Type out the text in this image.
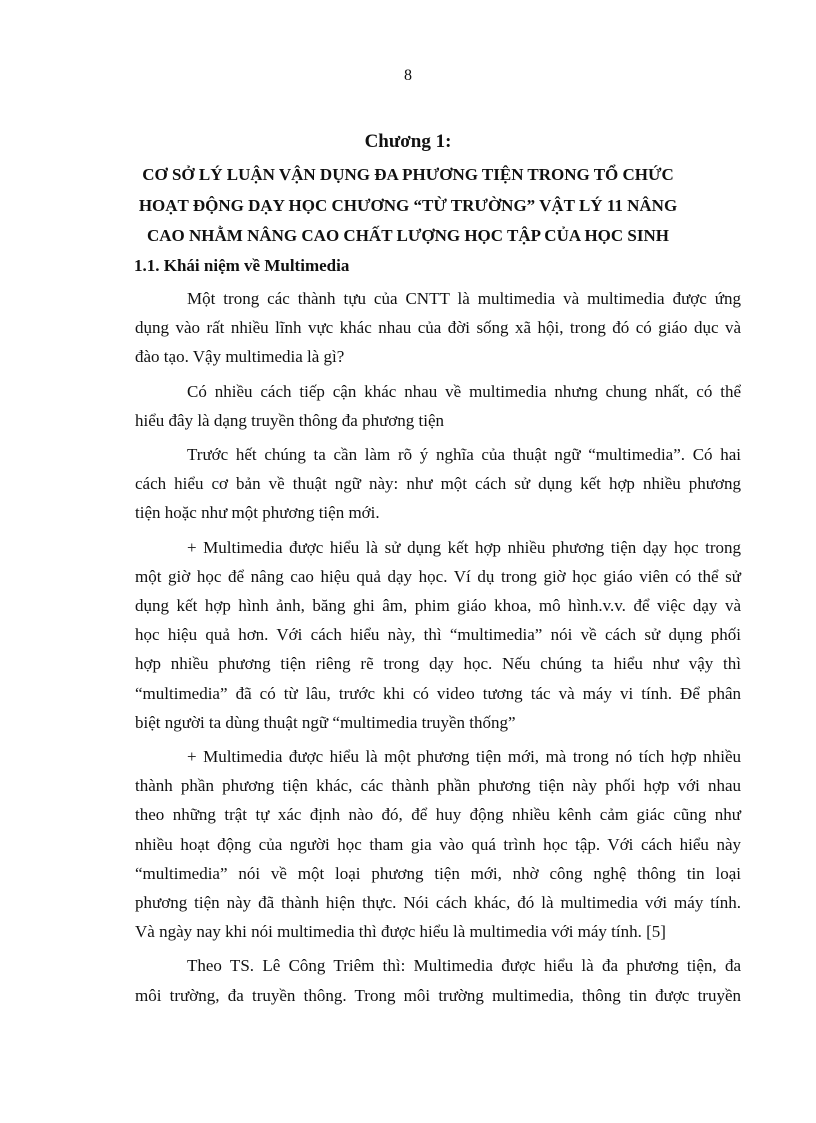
8
Chương 1:
CƠ SỞ LÝ LUẬN VẬN DỤNG ĐA PHƯƠNG TIỆN TRONG TỔ CHỨC
HOẠT ĐỘNG DẠY HỌC CHƯƠNG “TỪ TRƯỜNG” VẬT LÝ 11 NÂNG
CAO NHẰM NÂNG CAO CHẤT LƯỢNG HỌC TẬP CỦA HỌC SINH
1.1. Khái niệm về Multimedia
Một trong các thành tựu của CNTT là multimedia và multimedia được ứng
dụng vào rất nhiều lĩnh vực khác nhau của đời sống xã hội, trong đó có giáo dục và
đào tạo. Vậy multimedia là gì?
Có nhiều cách tiếp cận khác nhau về multimedia nhưng chung nhất, có thể
hiểu đây là dạng truyền thông đa phương tiện
Trước hết chúng ta cần làm rõ ý nghĩa của thuật ngữ “multimedia”. Có hai
cách hiểu cơ bản về thuật ngữ này: như một cách sử dụng kết hợp nhiều phương
tiện hoặc như một phương tiện mới.
+ Multimedia được hiểu là sử dụng kết hợp nhiều phương tiện dạy học trong
một giờ học để nâng cao hiệu quả dạy học. Ví dụ trong giờ học giáo viên có thể sử
dụng kết hợp hình ảnh, băng ghi âm, phim giáo khoa, mô hình.v.v. để việc dạy và
học hiệu quả hơn. Với cách hiểu này, thì “multimedia” nói về cách sử dụng phối
hợp nhiều phương tiện riêng rẽ trong dạy học. Nếu chúng ta hiểu như vậy thì
“multimedia” đã có từ lâu, trước khi có video tương tác và máy vi tính. Để phân
biệt người ta dùng thuật ngữ “multimedia truyền thống”
+ Multimedia được hiểu là một phương tiện mới, mà trong nó tích hợp nhiều
thành phần phương tiện khác, các thành phần phương tiện này phối hợp với nhau
theo những trật tự xác định nào đó, để huy động nhiều kênh cảm giác cũng như
nhiều hoạt động của người học tham gia vào quá trình học tập. Với cách hiểu này
“multimedia” nói về một loại phương tiện mới, nhờ công nghệ thông tin loại
phương tiện này đã thành hiện thực. Nói cách khác, đó là multimedia với máy tính.
Và ngày nay khi nói multimedia thì được hiểu là multimedia với máy tính. [5]
Theo TS. Lê Công Triêm thì: Multimedia được hiểu là đa phương tiện, đa
môi trường, đa truyền thông. Trong môi trường multimedia, thông tin được truyền
